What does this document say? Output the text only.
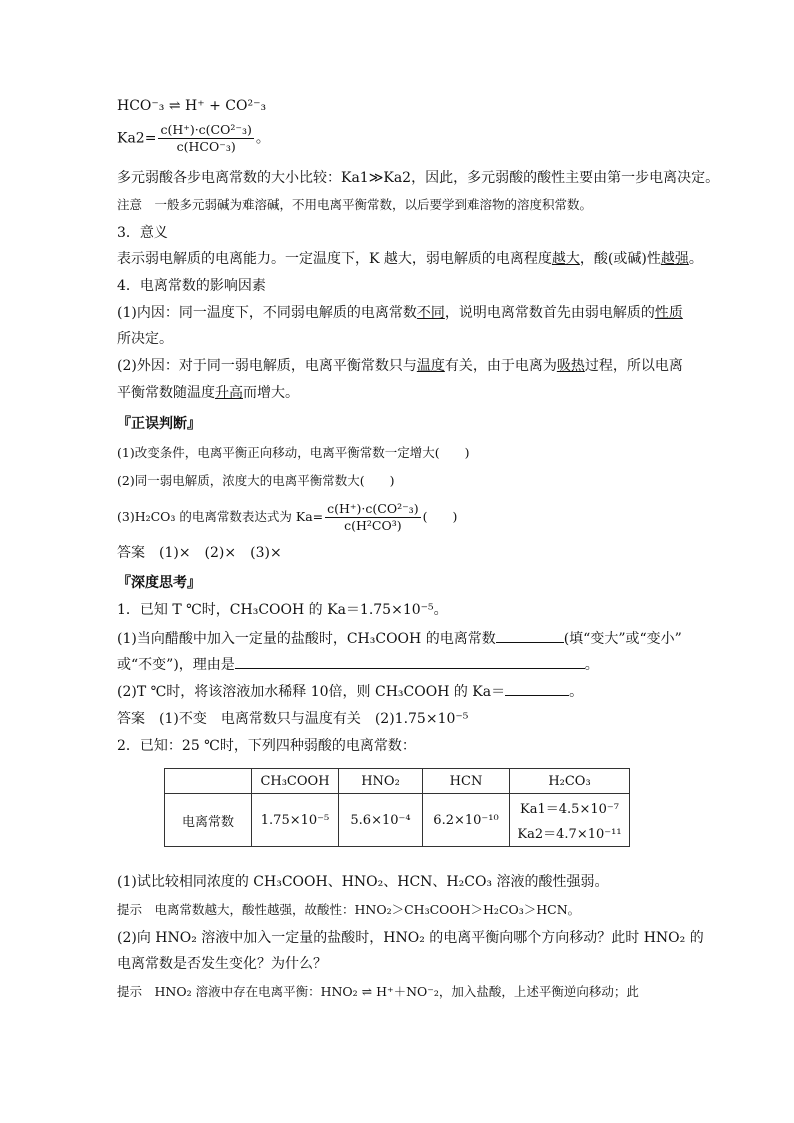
HCO⁻₃ ⇌ H⁺ + CO²⁻₃
$Ka2= \frac{\text{c(H⁺)·c(CO²⁻₃)}}{\text{c(HCO⁻₃)}}$ 。
多元弱酸各步电离常数的大小比较：Ka1≫Ka2，因此，多元弱酸的酸性主要由第一步电离决定。
注意　一般多元弱碱为难溶碱，不用电离平衡常数，以后要学到难溶物的溶度积常数。
3．意义
表示弱电解质的电离能力。一定温度下，K 越大，弱电解质的电离程度越大，酸(或碱)性越强。
4．电离常数的影响因素
(1)内因：同一温度下，不同弱电解质的电离常数不同，说明电离常数首先由弱电解质的性质
所决定。
(2)外因：对于同一弱电解质，电离平衡常数只与温度有关，由于电离为吸热过程，所以电离
平衡常数随温度升高而增大。
『正误判断』
(1)改变条件，电离平衡正向移动，电离平衡常数一定增大(　　)
(2)同一弱电解质，浓度大的电离平衡常数大(　　)
(3)H₂CO₃ 的电离常数表达式为 $Ka= \frac{\text{c(H⁺)·c(CO²⁻₃)}}{\text{c(H²CO³)}}$ (　　)
答案　(1)×　(2)×　(3)×
『深度思考』
1．已知 T ℃时，CH₃COOH 的 Ka＝1.75×10⁻⁵。
(1)当向醋酸中加入一定量的盐酸时，CH₃COOH 的电离常数	(填“变大”或“变小”
或“不变”)，理由是	。
(2)T ℃时，将该溶液加水稀释 10倍，则 CH₃COOH 的 Ka＝	。
答案　(1)不变　电离常数只与温度有关　(2)1.75×10⁻⁵
2．已知：25 ℃时，下列四种弱酸的电离常数：
	CH₃COOH	HNO₂	HCN	H₂CO₃
电离常数	1.75×10⁻⁵	5.6×10⁻⁴	6.2×10⁻¹⁰	Ka1＝4.5×10⁻⁷
Ka2＝4.7×10⁻¹¹
(1)试比较相同浓度的 CH₃COOH、HNO₂、HCN、H₂CO₃ 溶液的酸性强弱。
提示　电离常数越大，酸性越强，故酸性：HNO₂＞CH₃COOH＞H₂CO₃＞HCN。
(2)向 HNO₂ 溶液中加入一定量的盐酸时，HNO₂ 的电离平衡向哪个方向移动？此时 HNO₂ 的
电离常数是否发生变化？为什么？
提示　HNO₂ 溶液中存在电离平衡：HNO₂ ⇌ H⁺＋NO⁻₂，加入盐酸，上述平衡逆向移动；此
